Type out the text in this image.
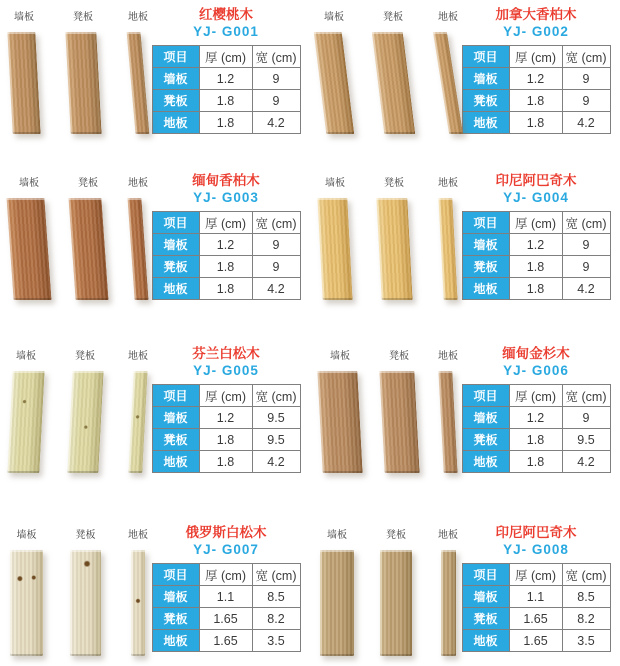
墙板	凳板	地板	红樱桃木
YJ- G001
项目	厚 (cm)	宽 (cm)
墙板	1.2	9
凳板	1.8	9
地板	1.8	4.2
墙板	凳板	地板	加拿大香柏木
YJ- G002
项目	厚 (cm)	宽 (cm)
墙板	1.2	9
凳板	1.8	9
地板	1.8	4.2
墙板	凳板	地板	缅甸香柏木
YJ- G003
项目	厚 (cm)	宽 (cm)
墙板	1.2	9
凳板	1.8	9
地板	1.8	4.2
墙板	凳板	地板	印尼阿巴奇木
YJ- G004
项目	厚 (cm)	宽 (cm)
墙板	1.2	9
凳板	1.8	9
地板	1.8	4.2
墙板	凳板	地板	芬兰白松木
YJ- G005
项目	厚 (cm)	宽 (cm)
墙板	1.2	9.5
凳板	1.8	9.5
地板	1.8	4.2
墙板	凳板	地板	缅甸金杉木
YJ- G006
项目	厚 (cm)	宽 (cm)
墙板	1.2	9
凳板	1.8	9.5
地板	1.8	4.2
墙板	凳板	地板	俄罗斯白松木
YJ- G007
项目	厚 (cm)	宽 (cm)
墙板	1.1	8.5
凳板	1.65	8.2
地板	1.65	3.5
墙板	凳板	地板	印尼阿巴奇木
YJ- G008
项目	厚 (cm)	宽 (cm)
墙板	1.1	8.5
凳板	1.65	8.2
地板	1.65	3.5
